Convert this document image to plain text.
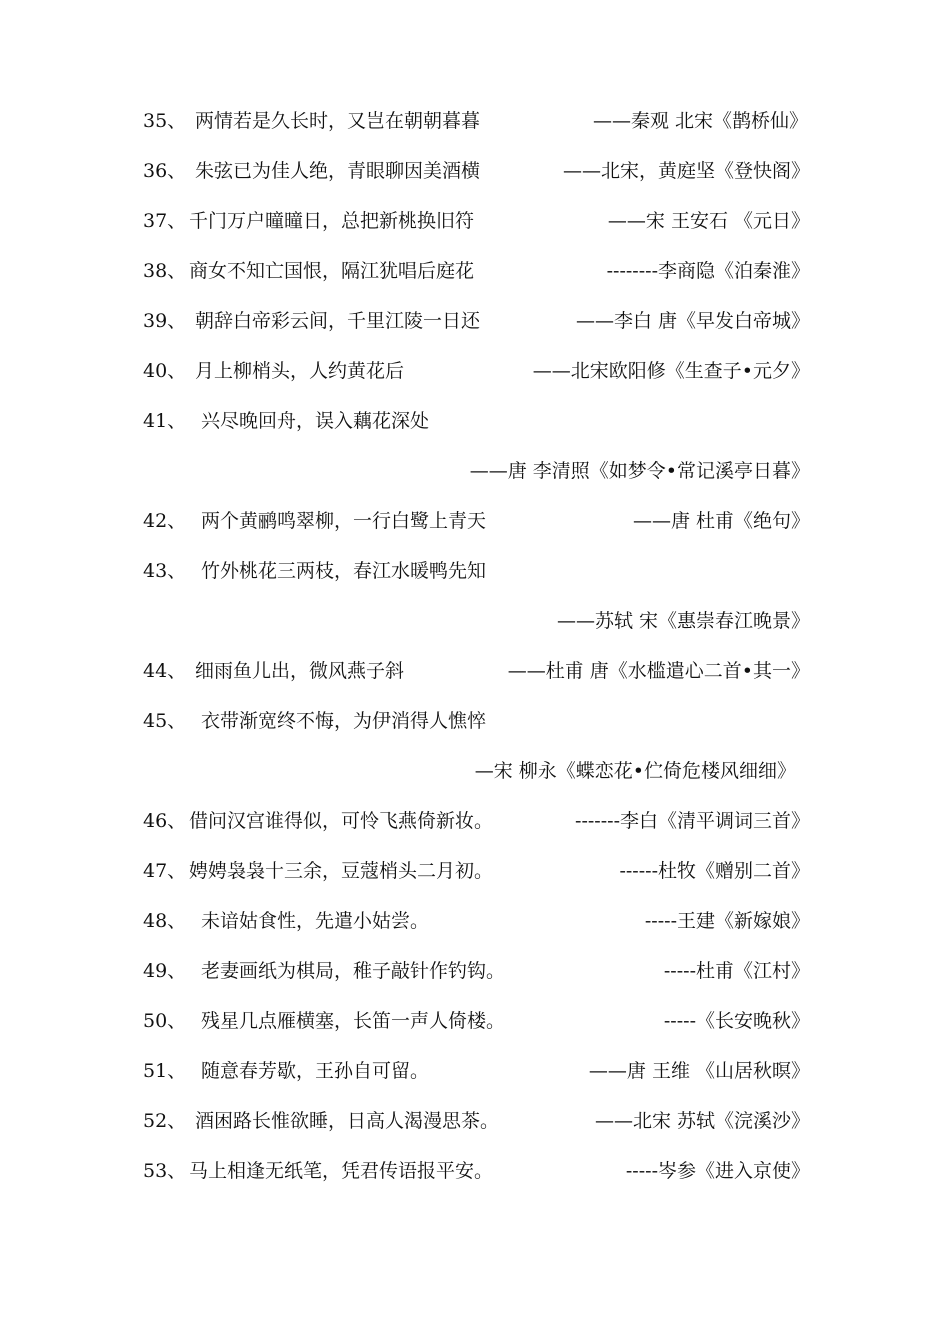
35、 两情若是久长时，又岂在朝朝暮暮	——秦观 北宋《鹊桥仙》
36、 朱弦已为佳人绝，青眼聊因美酒横	——北宋，黄庭坚《登快阁》
37、 千门万户曈曈日，总把新桃换旧符	——宋 王安石 《元日》
38、 商女不知亡国恨，隔江犹唱后庭花	--------李商隐《泊秦淮》
39、 朝辞白帝彩云间，千里江陵一日还	——李白 唐《早发白帝城》
40、 月上柳梢头，人约黄花后	——北宋欧阳修《生查子•元夕》
41、 兴尽晚回舟，误入藕花深处
——唐 李清照《如梦令•常记溪亭日暮》
42、 两个黄鹂鸣翠柳，一行白鹭上青天	——唐 杜甫《绝句》
43、 竹外桃花三两枝，春江水暖鸭先知
——苏轼 宋《惠崇春江晚景》
44、 细雨鱼儿出，微风燕子斜	——杜甫 唐《水槛遣心二首•其一》
45、 衣带渐宽终不悔，为伊消得人憔悴
—宋 柳永《蝶恋花•伫倚危楼风细细》
46、 借问汉宫谁得似，可怜飞燕倚新妆。	-------李白《清平调词三首》
47、 娉娉袅袅十三余，豆蔻梢头二月初。	------杜牧《赠别二首》
48、 未谙姑食性，先遣小姑尝。	-----王建《新嫁娘》
49、 老妻画纸为棋局，稚子敲针作钓钩。	-----杜甫《江村》
50、 残星几点雁横塞，长笛一声人倚楼。	-----《长安晚秋》
51、 随意春芳歇，王孙自可留。	——唐 王维 《山居秋暝》
52、 酒困路长惟欲睡，日高人渴漫思茶。	——北宋 苏轼《浣溪沙》
53、 马上相逢无纸笔，凭君传语报平安。	-----岑参《进入京使》
